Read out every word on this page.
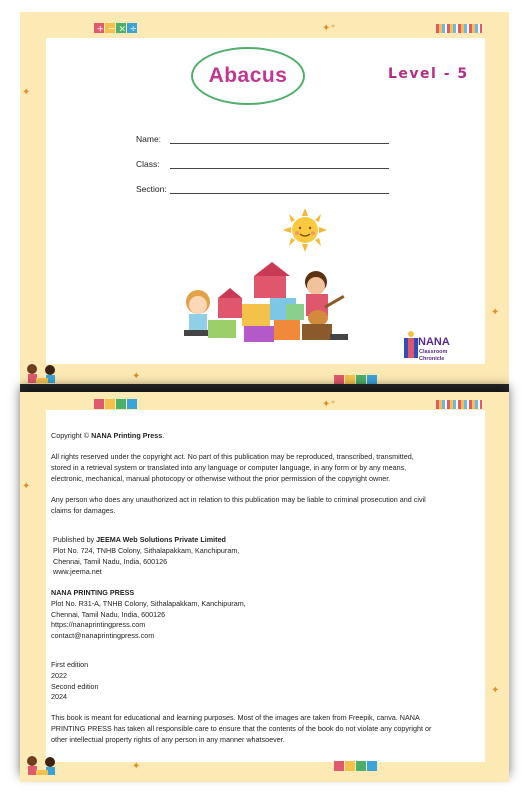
+ − × ÷	✦⁺
✦
✦
✦
Abacus	Level - 5
Name:
Class:
Section:
NANA
Classroom
Chronicle
✦⁺
✦
✦
✦
Copyright © NANA Printing Press.

All rights reserved under the copyright act. No part of this publication may be reproduced, transcribed, transmitted,

stored in a retrieval system or translated into any language or computer language, in any form or by any means,

electronic, mechanical, manual photocopy or otherwise without the prior permission of the copyright owner.

Any person who does any unauthorized act in relation to this publication may be liable to criminal prosecution and civil

claims for damages.

Published by JEEMA Web Solutions Private Limited

Plot No. 724, TNHB Colony, Sithalapakkam, Kanchipuram,

Chennai, Tamil Nadu, India, 600126

www.jeema.net

NANA PRINTING PRESS

Plot No. R31-A, TNHB Colony, Sithalapakkam, Kanchipuram,

Chennai, Tamil Nadu, India, 600126

https://nanaprintingpress.com

contact@nanaprintingpress.com

First edition

2022

Second edition

2024

This book is meant for educational and learning purposes. Most of the images are taken from Freepik, canva. NANA

PRINTING PRESS has taken all responsible care to ensure that the contents of the book do not violate any copyright or

other intellectual property rights of any person in any manner whatsoever.
